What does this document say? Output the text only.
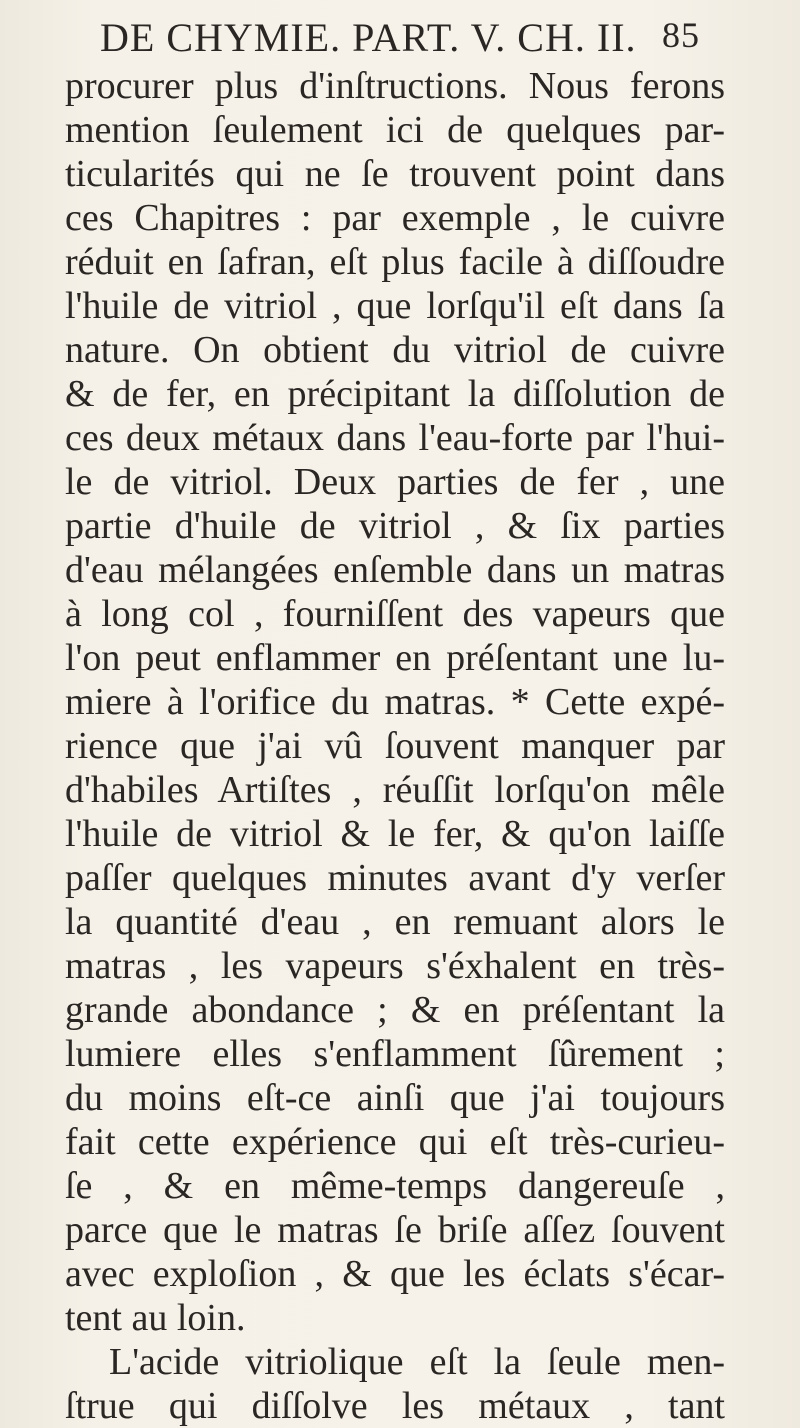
DE CHYMIE. PART. V. CH. II. 85
procurer plus d'inſtructions. Nous ferons
mention ſeulement ici de quelques par-
ticularités qui ne ſe trouvent point dans
ces Chapitres : par exemple , le cuivre
réduit en ſafran, eſt plus facile à diſſoudre
l'huile de vitriol , que lorſqu'il eſt dans ſa
nature. On obtient du vitriol de cuivre
& de fer, en précipitant la diſſolution de
ces deux métaux dans l'eau-forte par l'hui-
le de vitriol. Deux parties de fer , une
partie d'huile de vitriol , & ſix parties
d'eau mélangées enſemble dans un matras
à long col , fourniſſent des vapeurs que
l'on peut enflammer en préſentant une lu-
miere à l'orifice du matras. * Cette expé-
rience que j'ai vû ſouvent manquer par
d'habiles Artiſtes , réuſſit lorſqu'on mêle
l'huile de vitriol & le fer, & qu'on laiſſe
paſſer quelques minutes avant d'y verſer
la quantité d'eau , en remuant alors le
matras , les vapeurs s'éxhalent en très-
grande abondance ; & en préſentant la
lumiere elles s'enflamment ſûrement ;
du moins eſt-ce ainſi que j'ai toujours
fait cette expérience qui eſt très-curieu-
ſe , & en même-temps dangereuſe ,
parce que le matras ſe briſe aſſez ſouvent
avec exploſion , & que les éclats s'écar-
tent au loin.
L'acide vitriolique eſt la ſeule men-
ſtrue qui diſſolve les métaux , tant
